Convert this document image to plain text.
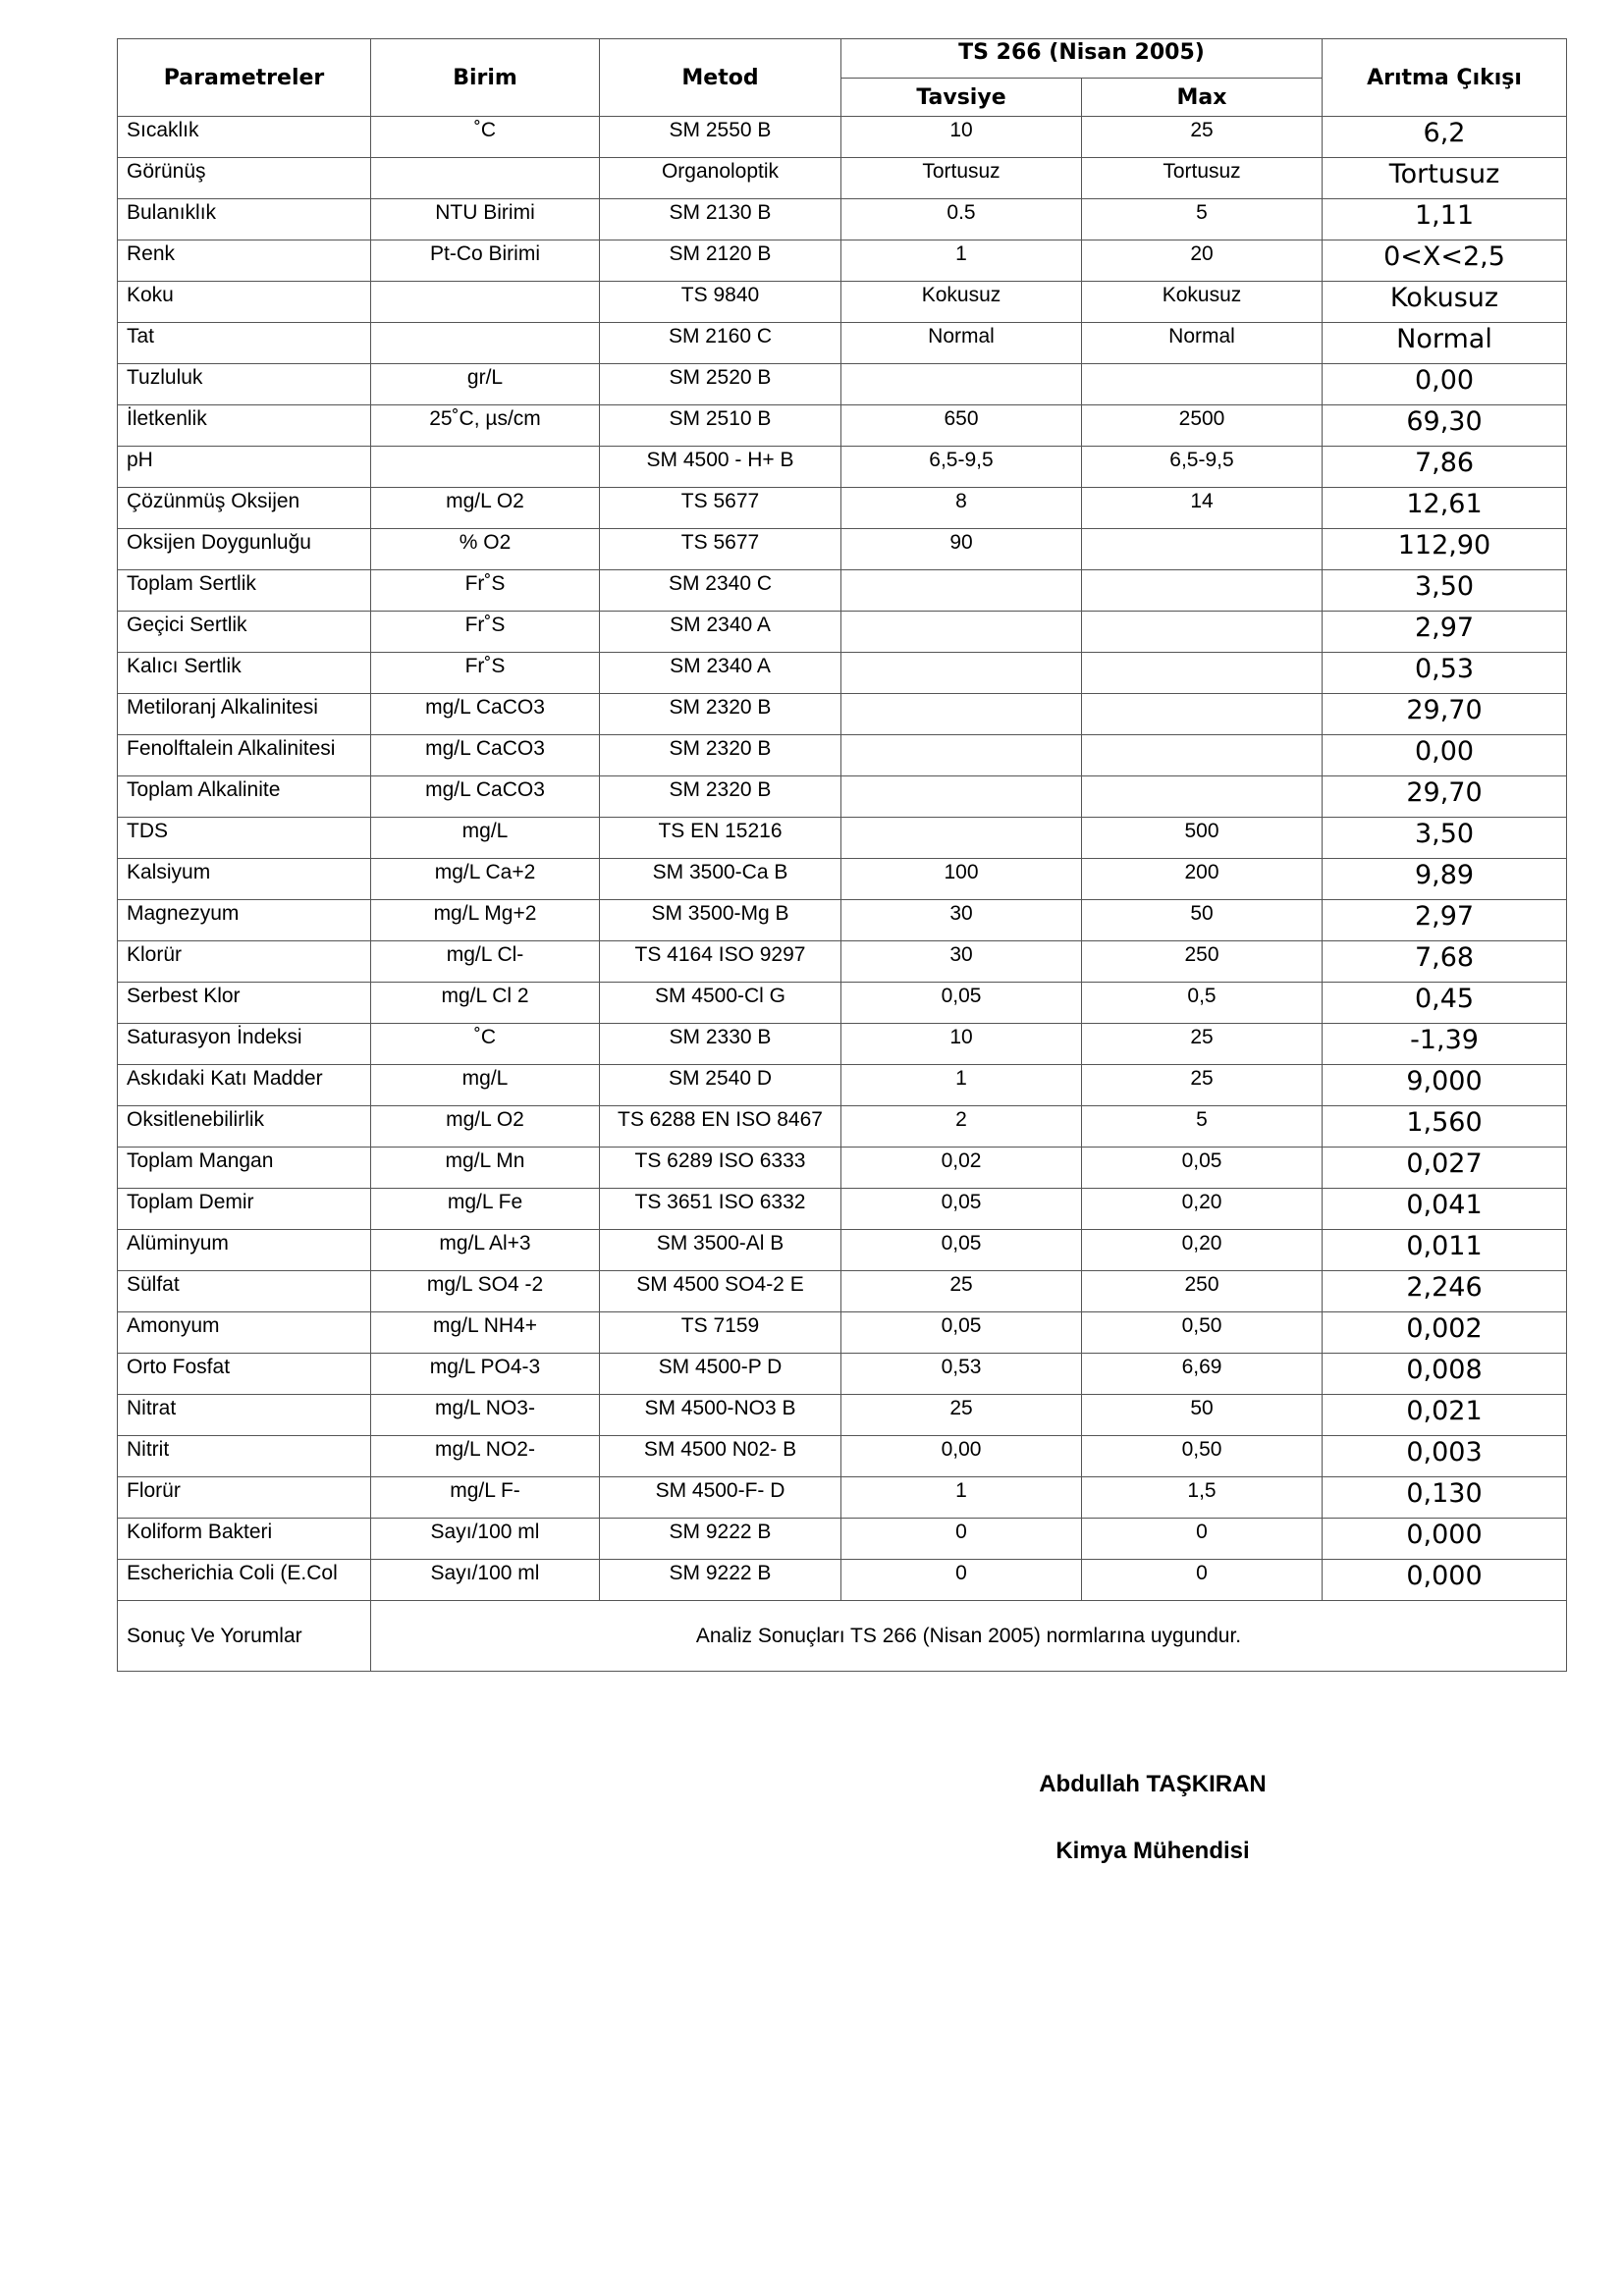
Parametreler	Birim	Metod	TS 266 (Nisan 2005)		Arıtma Çıkışı
			Tavsiye	Max	
Sıcaklık	˚C	SM 2550 B	10	25	6,2
Görünüş		Organoloptik	Tortusuz	Tortusuz	Tortusuz
Bulanıklık	NTU Birimi	SM 2130 B	0.5	5	1,11
Renk	Pt-Co Birimi	SM 2120 B	1	20	0<X<2,5
Koku		TS 9840	Kokusuz	Kokusuz	Kokusuz
Tat		SM 2160 C	Normal	Normal	Normal
Tuzluluk	gr/L	SM 2520 B			0,00
İletkenlik	25˚C, µs/cm	SM 2510 B	650	2500	69,30
pH		SM 4500 - H+ B	6,5-9,5	6,5-9,5	7,86
Çözünmüş Oksijen	mg/L O2	TS 5677	8	14	12,61
Oksijen Doygunluğu	% O2	TS 5677	90		112,90
Toplam Sertlik	Fr˚S	SM 2340 C			3,50
Geçici Sertlik	Fr˚S	SM 2340 A			2,97
Kalıcı Sertlik	Fr˚S	SM 2340 A			0,53
Metiloranj Alkalinitesi	mg/L CaCO3	SM 2320 B			29,70
Fenolftalein Alkalinitesi	mg/L CaCO3	SM 2320 B			0,00
Toplam Alkalinite	mg/L CaCO3	SM 2320 B			29,70
TDS	mg/L	TS EN 15216		500	3,50
Kalsiyum	mg/L Ca+2	SM 3500-Ca B	100	200	9,89
Magnezyum	mg/L Mg+2	SM 3500-Mg B	30	50	2,97
Klorür	mg/L Cl-	TS 4164 ISO 9297	30	250	7,68
Serbest Klor	mg/L Cl 2	SM 4500-Cl G	0,05	0,5	0,45
Saturasyon İndeksi	˚C	SM 2330 B	10	25	-1,39
Askıdaki Katı Madder	mg/L	SM 2540 D	1	25	9,000
Oksitlenebilirlik	mg/L O2	TS 6288 EN ISO 8467	2	5	1,560
Toplam Mangan	mg/L Mn	TS 6289 ISO 6333	0,02	0,05	0,027
Toplam Demir	mg/L Fe	TS 3651 ISO 6332	0,05	0,20	0,041
Alüminyum	mg/L Al+3	SM 3500-Al B	0,05	0,20	0,011
Sülfat	mg/L SO4 -2	SM 4500 SO4-2 E	25	250	2,246
Amonyum	mg/L NH4+	TS 7159	0,05	0,50	0,002
Orto Fosfat	mg/L PO4-3	SM 4500-P D	0,53	6,69	0,008
Nitrat	mg/L NO3-	SM 4500-NO3 B	25	50	0,021
Nitrit	mg/L NO2-	SM 4500 N02- B	0,00	0,50	0,003
Florür	mg/L F-	SM 4500-F- D	1	1,5	0,130
Koliform Bakteri	Sayı/100 ml	SM 9222 B	0	0	0,000
Escherichia Coli (E.Col	Sayı/100 ml	SM 9222 B	0	0	0,000
Sonuç Ve Yorumlar	Analiz Sonuçları TS 266 (Nisan 2005) normlarına uygundur.				
Abdullah TAŞKIRAN
Kimya Mühendisi
